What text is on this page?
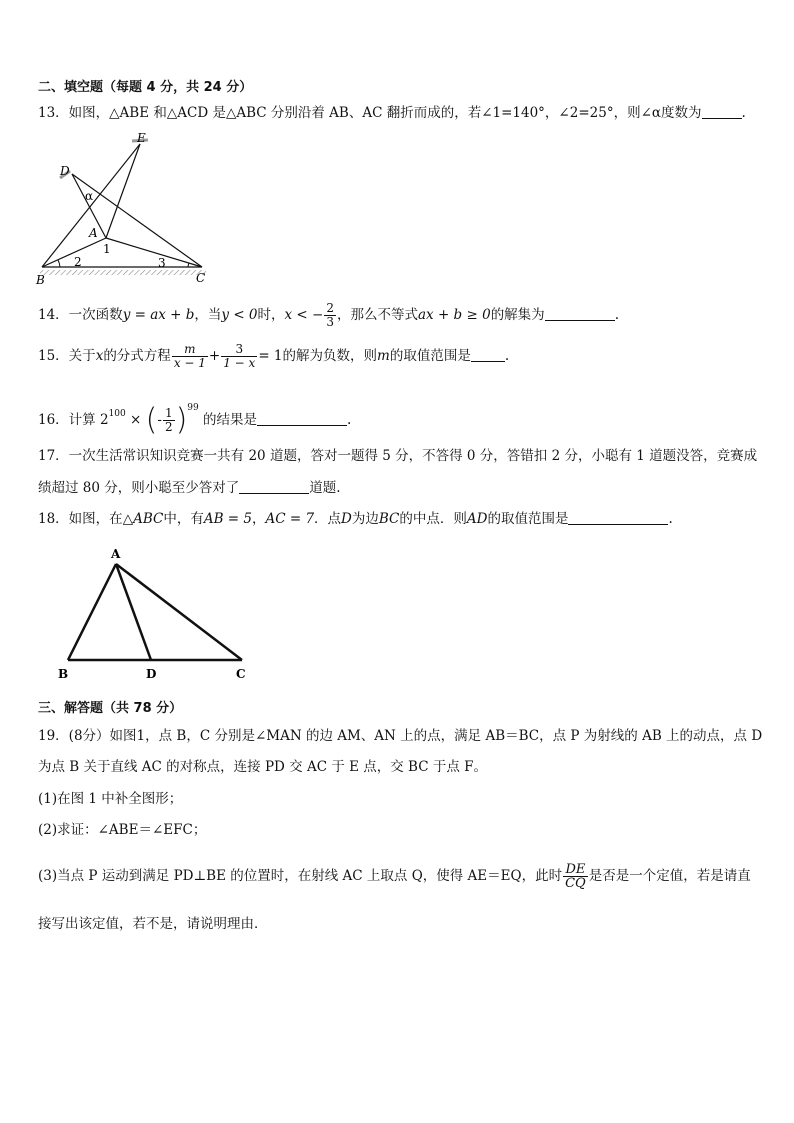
二、填空题（每题 4 分，共 24 分）
13．如图，△ABE 和△ACD 是△ABC 分别沿着 AB、AC 翻折而成的，若∠1=140°，∠2=25°，则∠α度数为	.
E
D
α
A
1
B
2	3
C
14．一次函数y = ax + b，当y < 0时，x < − $\frac{2}{3}$ ，那么不等式ax + b ≥ 0的解集为	.
15．关于x的分式方程 $\frac{m}{x - 1} + \frac{3}{1 - x} = 1$的解为负数，则m的取值范围是	.
16．计算 $2^{100}$ × (- $\frac{1}{2} )^{99}$ 的结果是	.
17．一次生活常识知识竞赛一共有 20 道题，答对一题得 5 分，不答得 0 分，答错扣 2 分，小聪有 1 道题没答，竞赛成
绩超过 80 分，则小聪至少答对了	道题.
18．如图，在△ABC中，有AB = 5，AC = 7．点D为边BC的中点．则AD的取值范围是	.
A
B	D	C
三、解答题（共 78 分）
19．(8分）如图1，点 B，C 分别是∠MAN 的边 AM、AN 上的点，满足 AB＝BC，点 P 为射线的 AB 上的动点，点 D
为点 B 关于直线 AC 的对称点，连接 PD 交 AC 于 E 点，交 BC 于点 F。
(1)在图 1 中补全图形；
(2)求证：∠ABE＝∠EFC；
(3)当点 P 运动到满足 PD⊥BE 的位置时，在射线 AC 上取点 Q，使得 AE＝EQ，此时 $\frac{DE}{CQ}$ 是否是一个定值，若是请直
接写出该定值，若不是，请说明理由．
